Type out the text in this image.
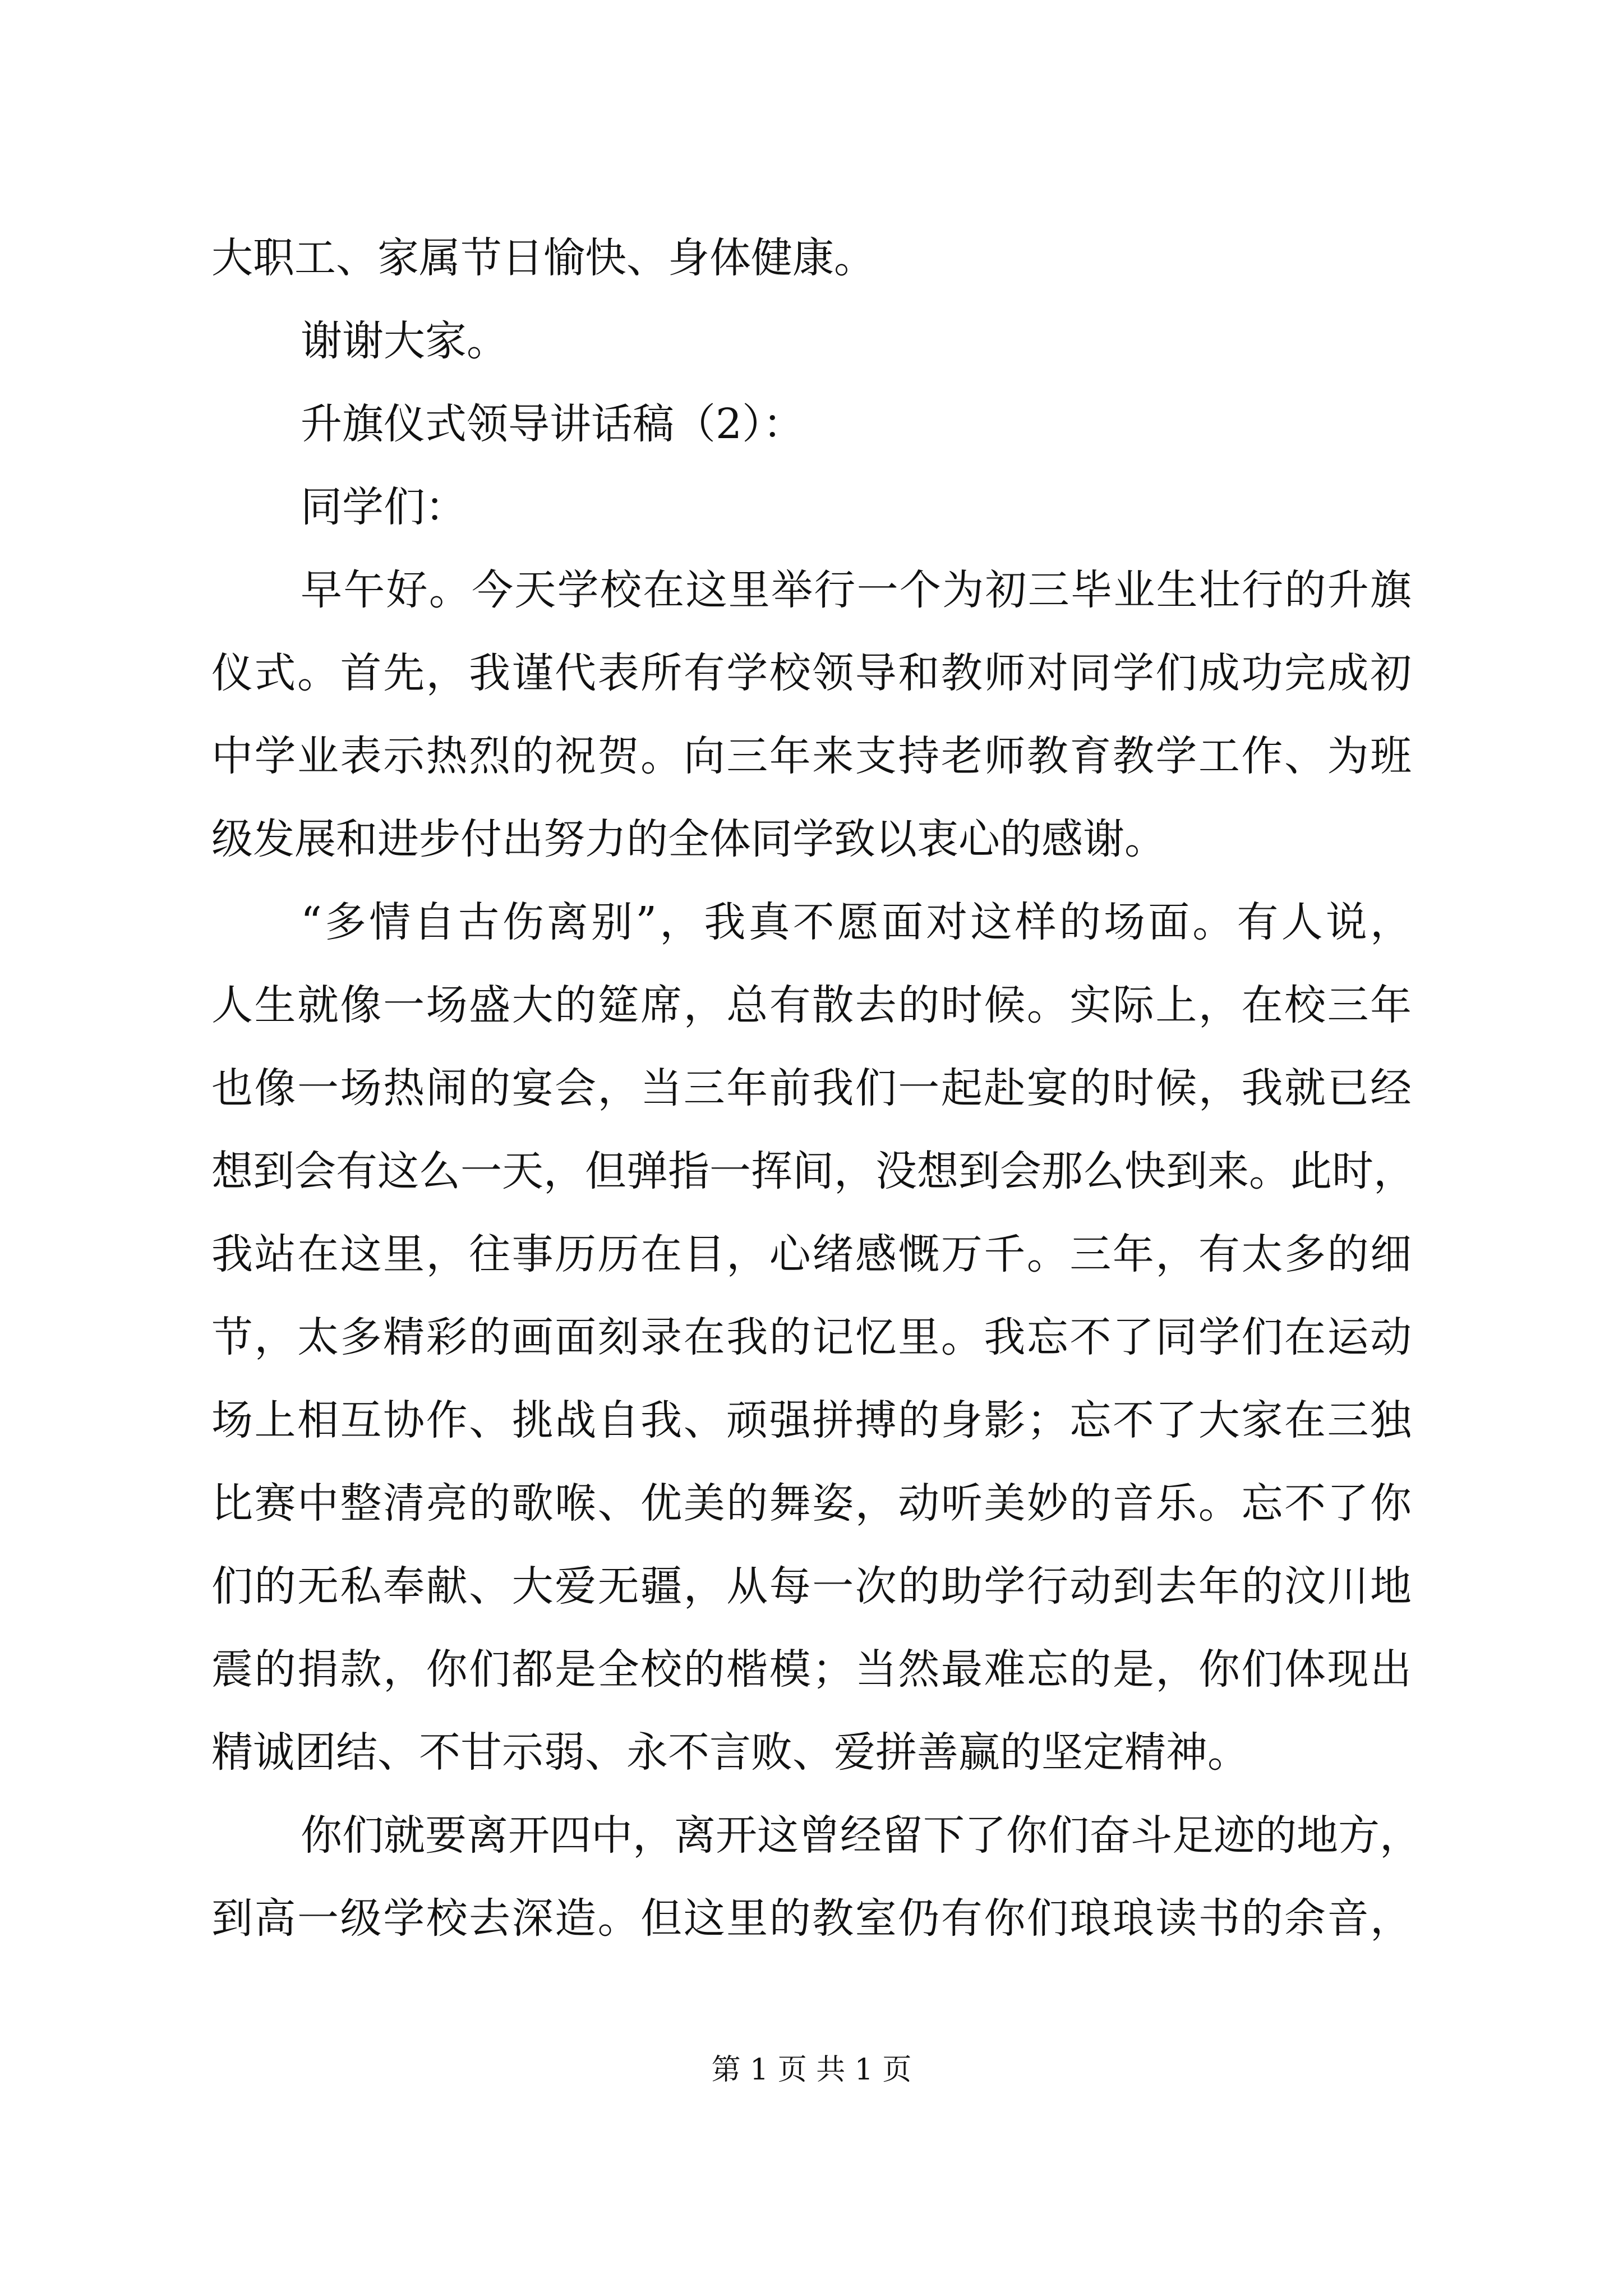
大职工、家属节日愉快、身体健康。
谢谢大家。
升旗仪式领导讲话稿（2）：
同学们：
早午好。今天学校在这里举行一个为初三毕业生壮行的升旗
仪式。首先，我谨代表所有学校领导和教师对同学们成功完成初
中学业表示热烈的祝贺。向三年来支持老师教育教学工作、为班
级发展和进步付出努力的全体同学致以衷心的感谢。
“多情自古伤离别”，我真不愿面对这样的场面。有人说，
人生就像一场盛大的筵席，总有散去的时候。实际上，在校三年
也像一场热闹的宴会，当三年前我们一起赴宴的时候，我就已经
想到会有这么一天，但弹指一挥间，没想到会那么快到来。此时，
我站在这里，往事历历在目，心绪感慨万千。三年，有太多的细
节，太多精彩的画面刻录在我的记忆里。我忘不了同学们在运动
场上相互协作、挑战自我、顽强拼搏的身影；忘不了大家在三独
比赛中整清亮的歌喉、优美的舞姿，动听美妙的音乐。忘不了你
们的无私奉献、大爱无疆，从每一次的助学行动到去年的汶川地
震的捐款，你们都是全校的楷模；当然最难忘的是，你们体现出
精诚团结、不甘示弱、永不言败、爱拼善赢的坚定精神。
你们就要离开四中，离开这曾经留下了你们奋斗足迹的地方，
到高一级学校去深造。但这里的教室仍有你们琅琅读书的余音，
第 1 页 共 1 页
